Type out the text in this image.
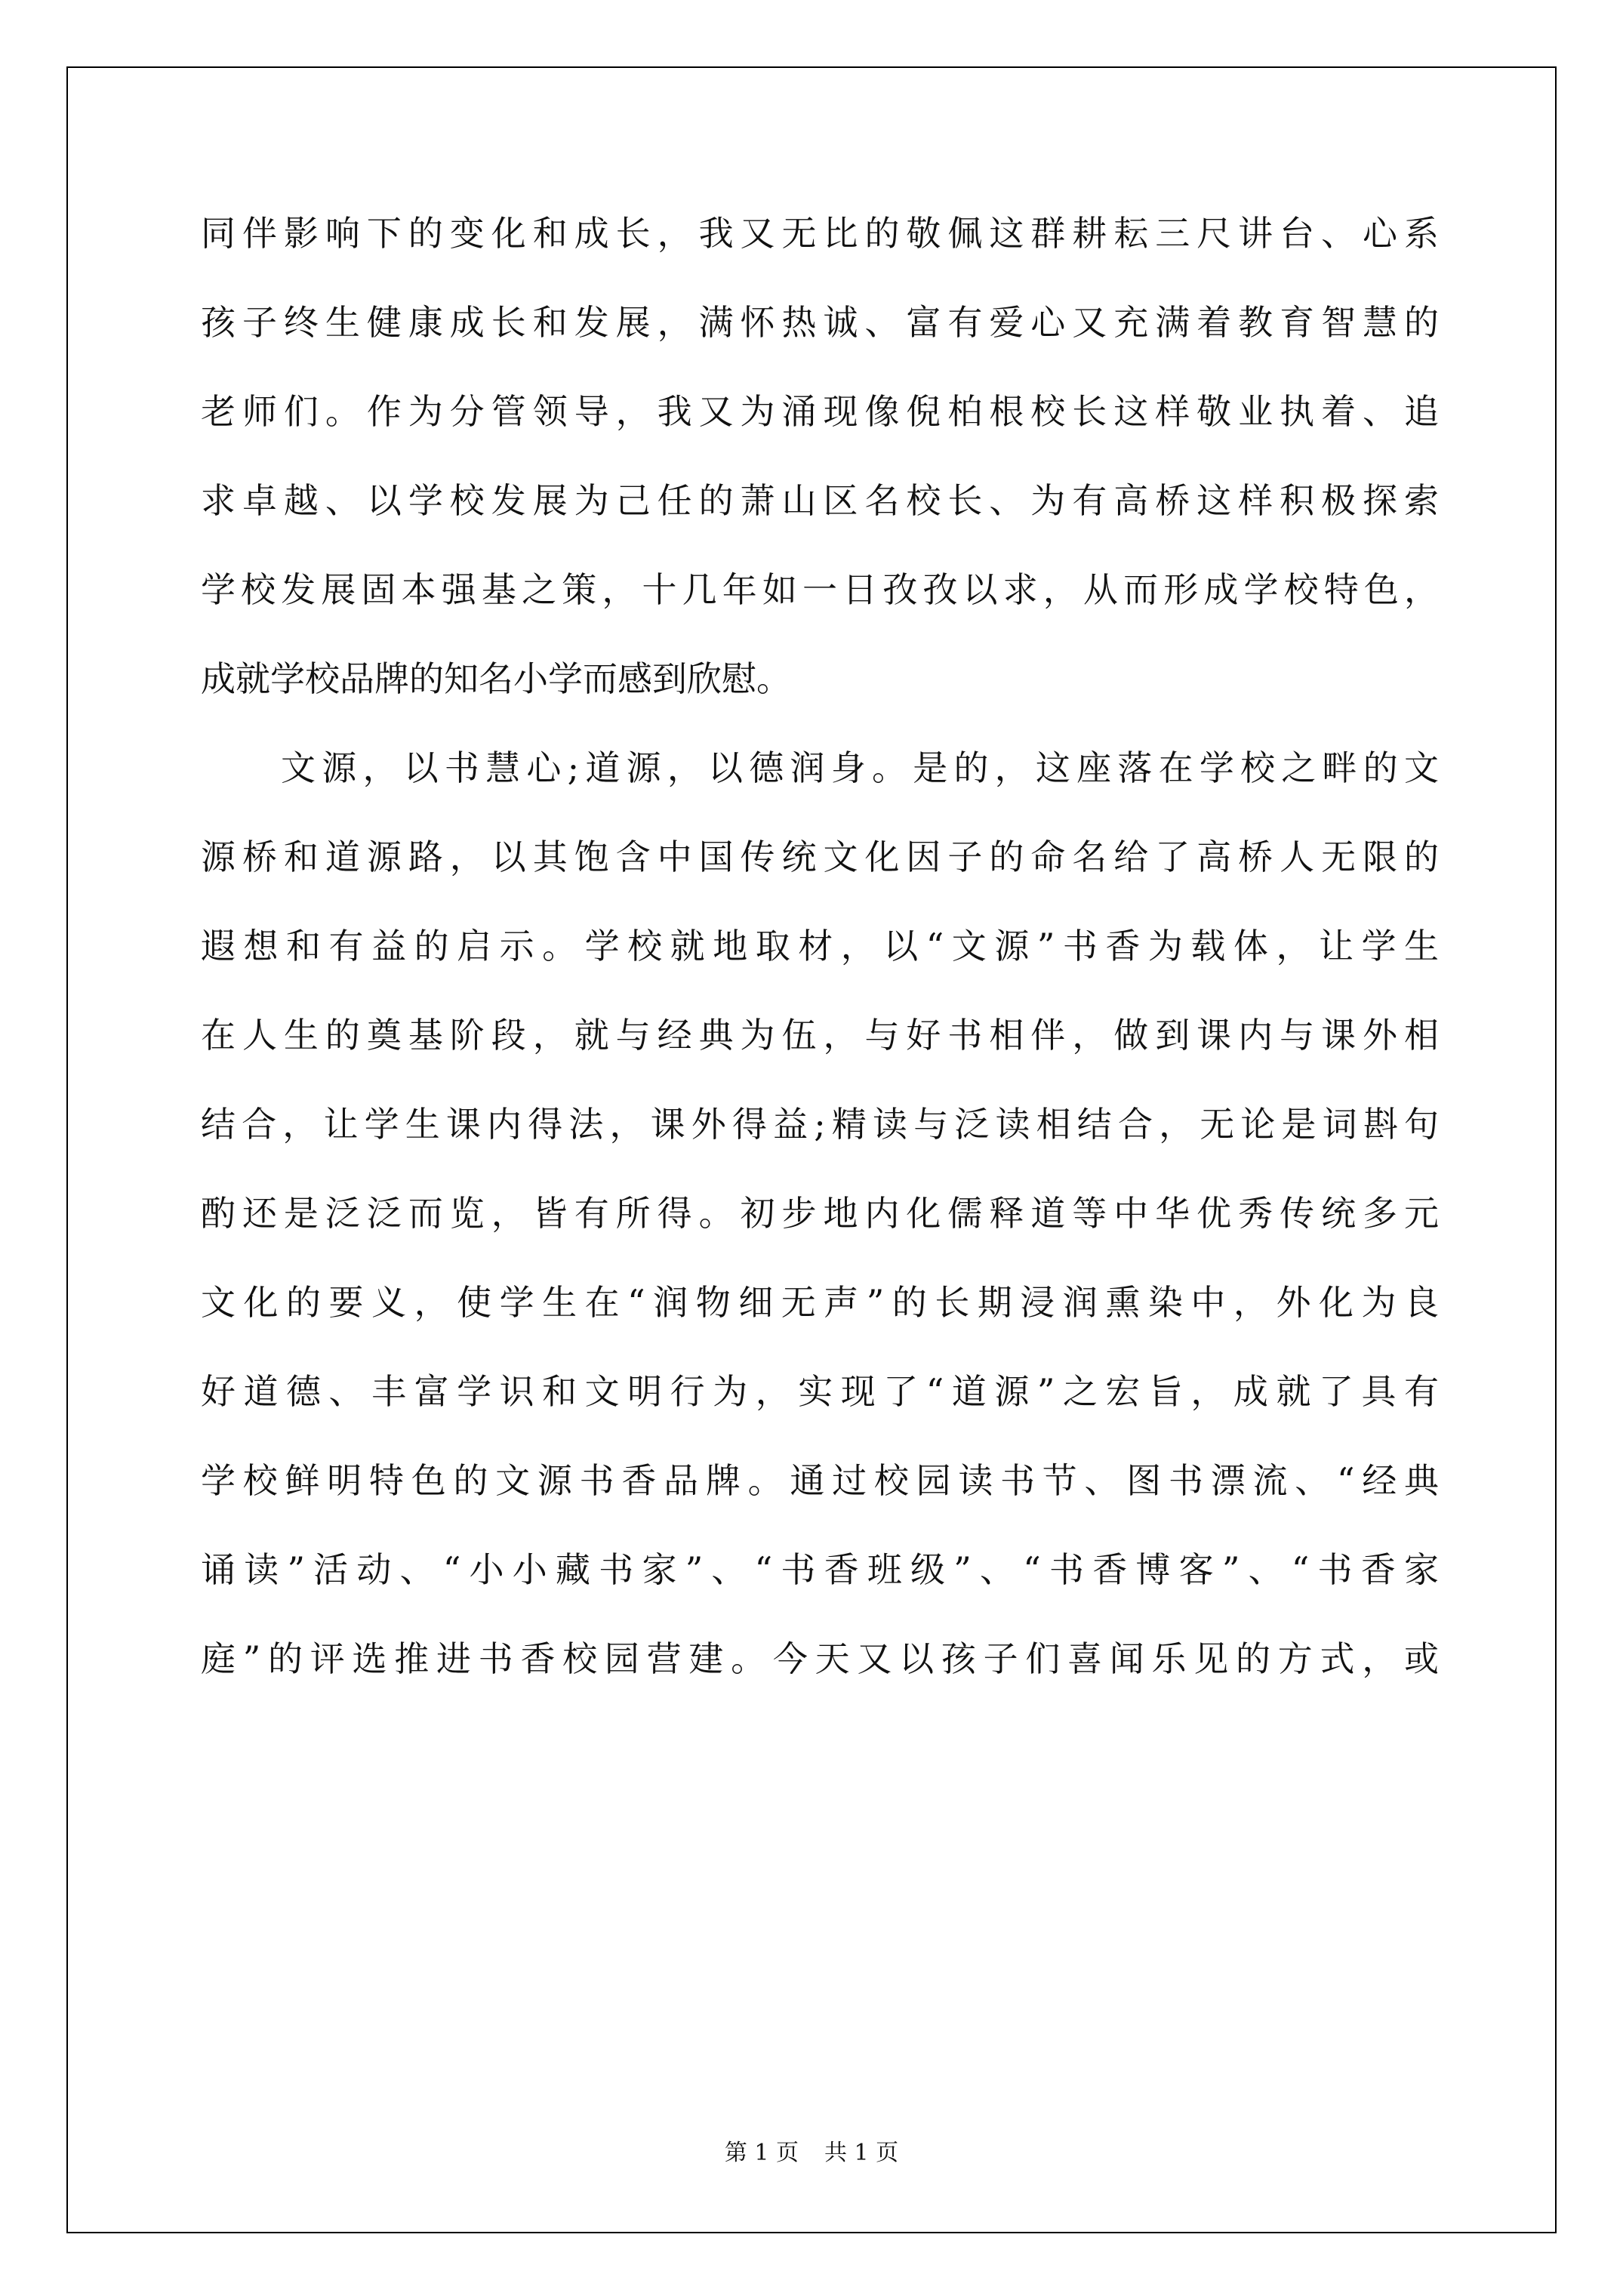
同伴影响下的变化和成长，我又无比的敬佩这群耕耘三尺讲台、心系
孩子终生健康成长和发展，满怀热诚、富有爱心又充满着教育智慧的
老师们。作为分管领导，我又为涌现像倪柏根校长这样敬业执着、追
求卓越、以学校发展为己任的萧山区名校长、为有高桥这样积极探索
学校发展固本强基之策，十几年如一日孜孜以求，从而形成学校特色，
成就学校品牌的知名小学而感到欣慰。
文源，以书慧心;道源，以德润身。是的，这座落在学校之畔的文
源桥和道源路，以其饱含中国传统文化因子的命名给了高桥人无限的
遐想和有益的启示。学校就地取材，以“文源”书香为载体，让学生
在人生的奠基阶段，就与经典为伍，与好书相伴，做到课内与课外相
结合，让学生课内得法，课外得益;精读与泛读相结合，无论是词斟句
酌还是泛泛而览，皆有所得。初步地内化儒释道等中华优秀传统多元
文化的要义，使学生在“润物细无声”的长期浸润熏染中，外化为良
好道德、丰富学识和文明行为，实现了“道源”之宏旨，成就了具有
学校鲜明特色的文源书香品牌。通过校园读书节、图书漂流、“经典
诵读”活动、“小小藏书家”、“书香班级”、“书香博客”、“书香家
庭”的评选推进书香校园营建。今天又以孩子们喜闻乐见的方式，或
第 1 页 共 1 页
